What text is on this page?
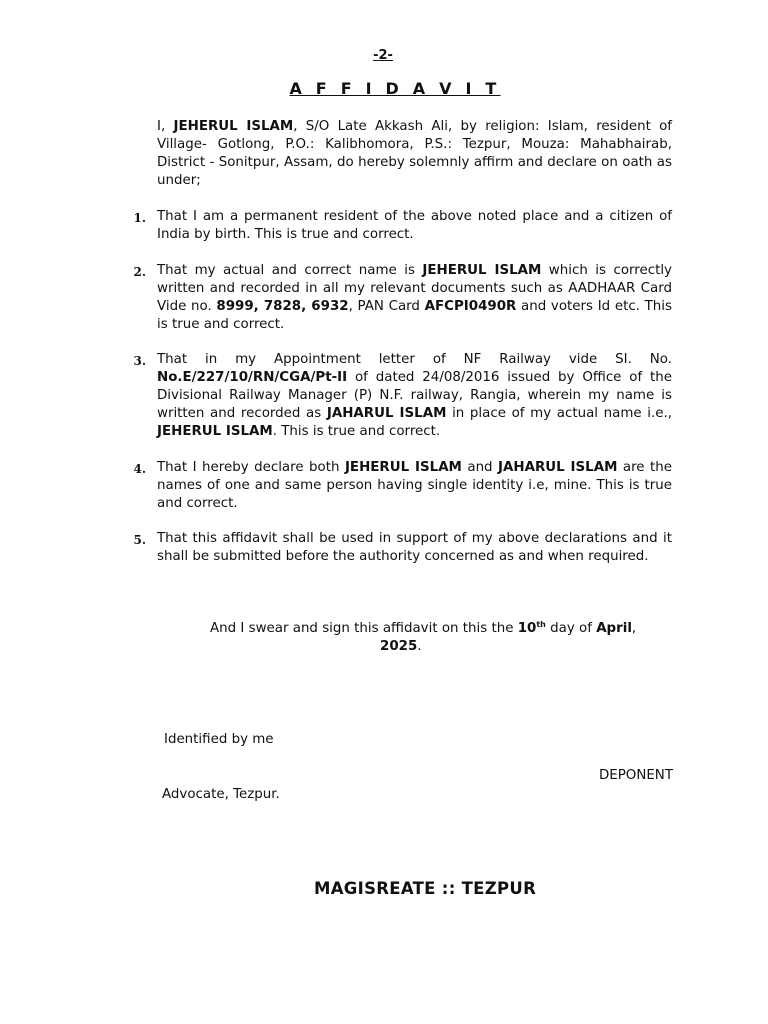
-2-
A F F I D A V I T

I, JEHERUL ISLAM, S/O Late Akkash Ali, by religion: Islam, resident of Village- Gotlong, P.O.: Kalibhomora, P.S.: Tezpur, Mouza: Mahabhairab, District - Sonitpur, Assam, do hereby solemnly affirm and declare on oath as under;

1. That I am a permanent resident of the above noted place and a citizen of India by birth. This is true and correct.

2. That my actual and correct name is JEHERUL ISLAM which is correctly written and recorded in all my relevant documents such as AADHAAR Card Vide no. 8999, 7828, 6932, PAN Card AFCPI0490R and voters Id etc. This is true and correct.

3. That in my Appointment letter of NF Railway vide SI. No. No.E/227/10/RN/CGA/Pt-II of dated 24/08/2016 issued by Office of the Divisional Railway Manager (P) N.F. railway, Rangia, wherein my name is written and recorded as JAHARUL ISLAM in place of my actual name i.e., JEHERUL ISLAM. This is true and correct.

4. That I hereby declare both JEHERUL ISLAM and JAHARUL ISLAM are the names of one and same person having single identity i.e, mine. This is true and correct.

5. That this affidavit shall be used in support of my above declarations and it shall be submitted before the authority concerned as and when required.

And I swear and sign this affidavit on this the 10th day of April,
2025.
Identified by me
DEPONENT
Advocate, Tezpur.
MAGISREATE :: TEZPUR
